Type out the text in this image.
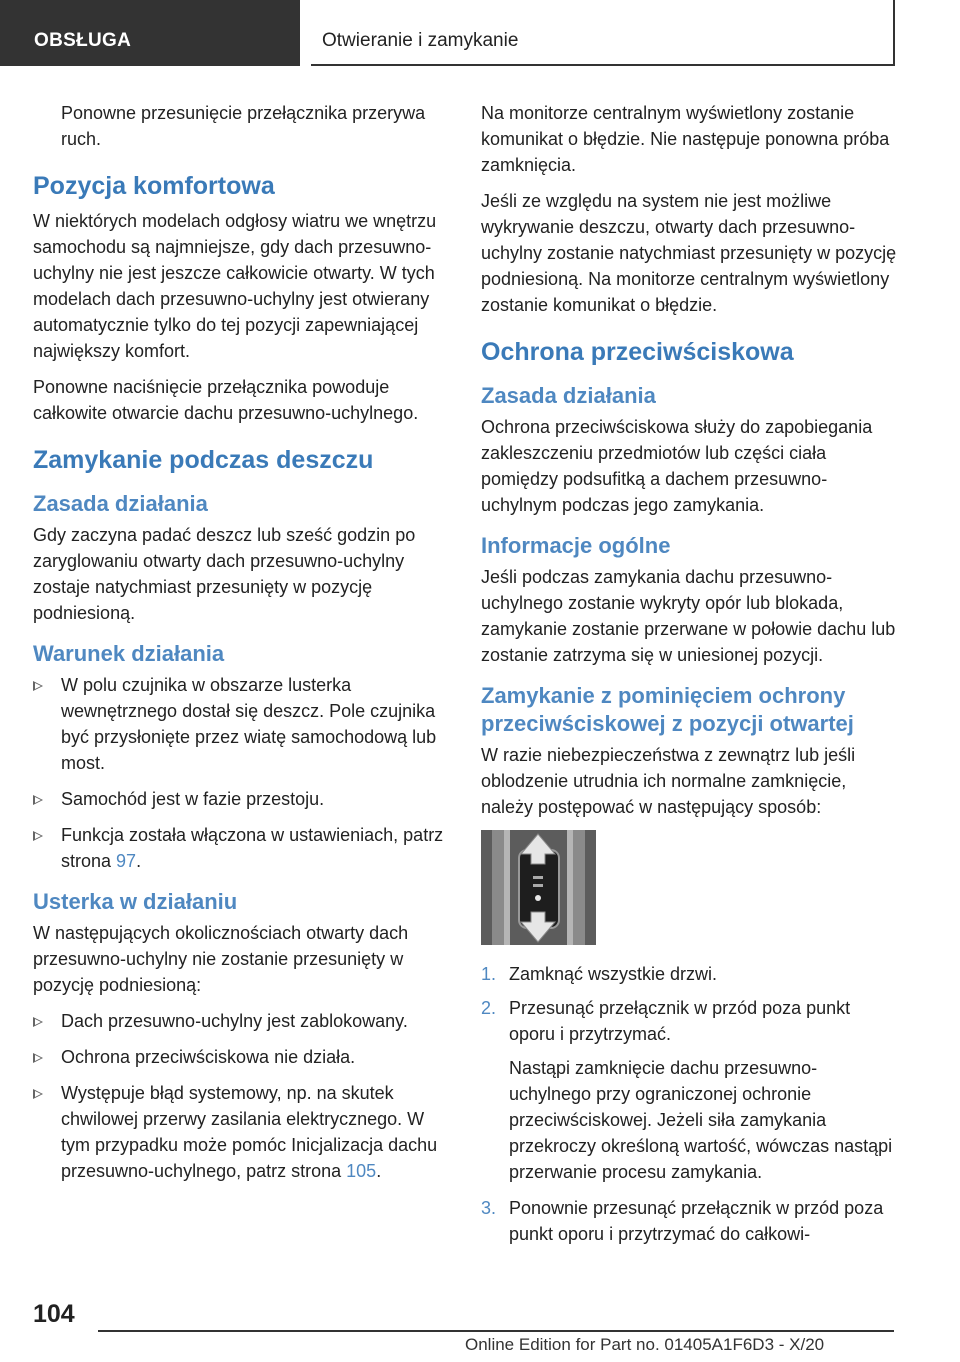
OBSŁUGA	Otwieranie i zamykanie

Ponowne przesunięcie przełącznika przerywa ruch.

Pozycja komfortowa

W niektórych modelach odgłosy wiatru we wnętrzu samochodu są najmniejsze, gdy dach przesuwno-uchylny nie jest jeszcze całkowicie otwarty. W tych modelach dach przesuwno-uchylny jest otwierany automatycznie tylko do tej pozycji zapewniającej największy komfort.

Ponowne naciśnięcie przełącznika powoduje całkowite otwarcie dachu przesuwno-uchylnego.

Zamykanie podczas deszczu
Zasada działania

Gdy zaczyna padać deszcz lub sześć godzin po zaryglowaniu otwarty dach przesuwno-uchylny zostaje natychmiast przesunięty w pozycję podniesioną.

Warunek działania
W polu czujnika w obszarze lusterka wewnętrznego dostał się deszcz. Pole czujnika być przysłonięte przez wiatę samochodową lub most.
Samochód jest w fazie przestoju.
Funkcja została włączona w ustawieniach, patrz strona 97.
Usterka w działaniu

W następujących okolicznościach otwarty dach przesuwno-uchylny nie zostanie przesunięty w pozycję podniesioną:

Dach przesuwno-uchylny jest zablokowany.
Ochrona przeciwściskowa nie działa.
Występuje błąd systemowy, np. na skutek chwilowej przerwy zasilania elektrycznego. W tym przypadku może pomóc Inicjalizacja dachu przesuwno-uchylnego, patrz strona 105.

Na monitorze centralnym wyświetlony zostanie komunikat o błędzie. Nie następuje ponowna próba zamknięcia.

Jeśli ze względu na system nie jest możliwe wykrywanie deszczu, otwarty dach przesuwno-uchylny zostanie natychmiast przesunięty w pozycję podniesioną. Na monitorze centralnym wyświetlony zostanie komunikat o błędzie.

Ochrona przeciwściskowa
Zasada działania

Ochrona przeciwściskowa służy do zapobiegania zakleszczeniu przedmiotów lub części ciała pomiędzy podsufitką a dachem przesuwno-uchylnym podczas jego zamykania.

Informacje ogólne

Jeśli podczas zamykania dachu przesuwno-uchylnego zostanie wykryty opór lub blokada, zamykanie zostanie przerwane w połowie dachu lub zostanie zatrzyma się w uniesionej pozycji.

Zamykanie z pominięciem ochrony przeciwściskowej z pozycji otwartej

W razie niebezpieczeństwa z zewnątrz lub jeśli oblodzenie utrudnia ich normalne zamknięcie, należy postępować w następujący sposób:

1. Zamknąć wszystkie drzwi.
2. Przesunąć przełącznik w przód poza punkt oporu i przytrzymać.

Nastąpi zamknięcie dachu przesuwno-uchylnego przy ograniczonej ochronie przeciwściskowej. Jeżeli siła zamykania przekroczy określoną wartość, wówczas nastąpi przerwanie procesu zamykania.

3. Ponownie przesunąć przełącznik w przód poza punkt oporu i przytrzymać do całkowi-
104
Online Edition for Part no. 01405A1F6D3 - X/20
